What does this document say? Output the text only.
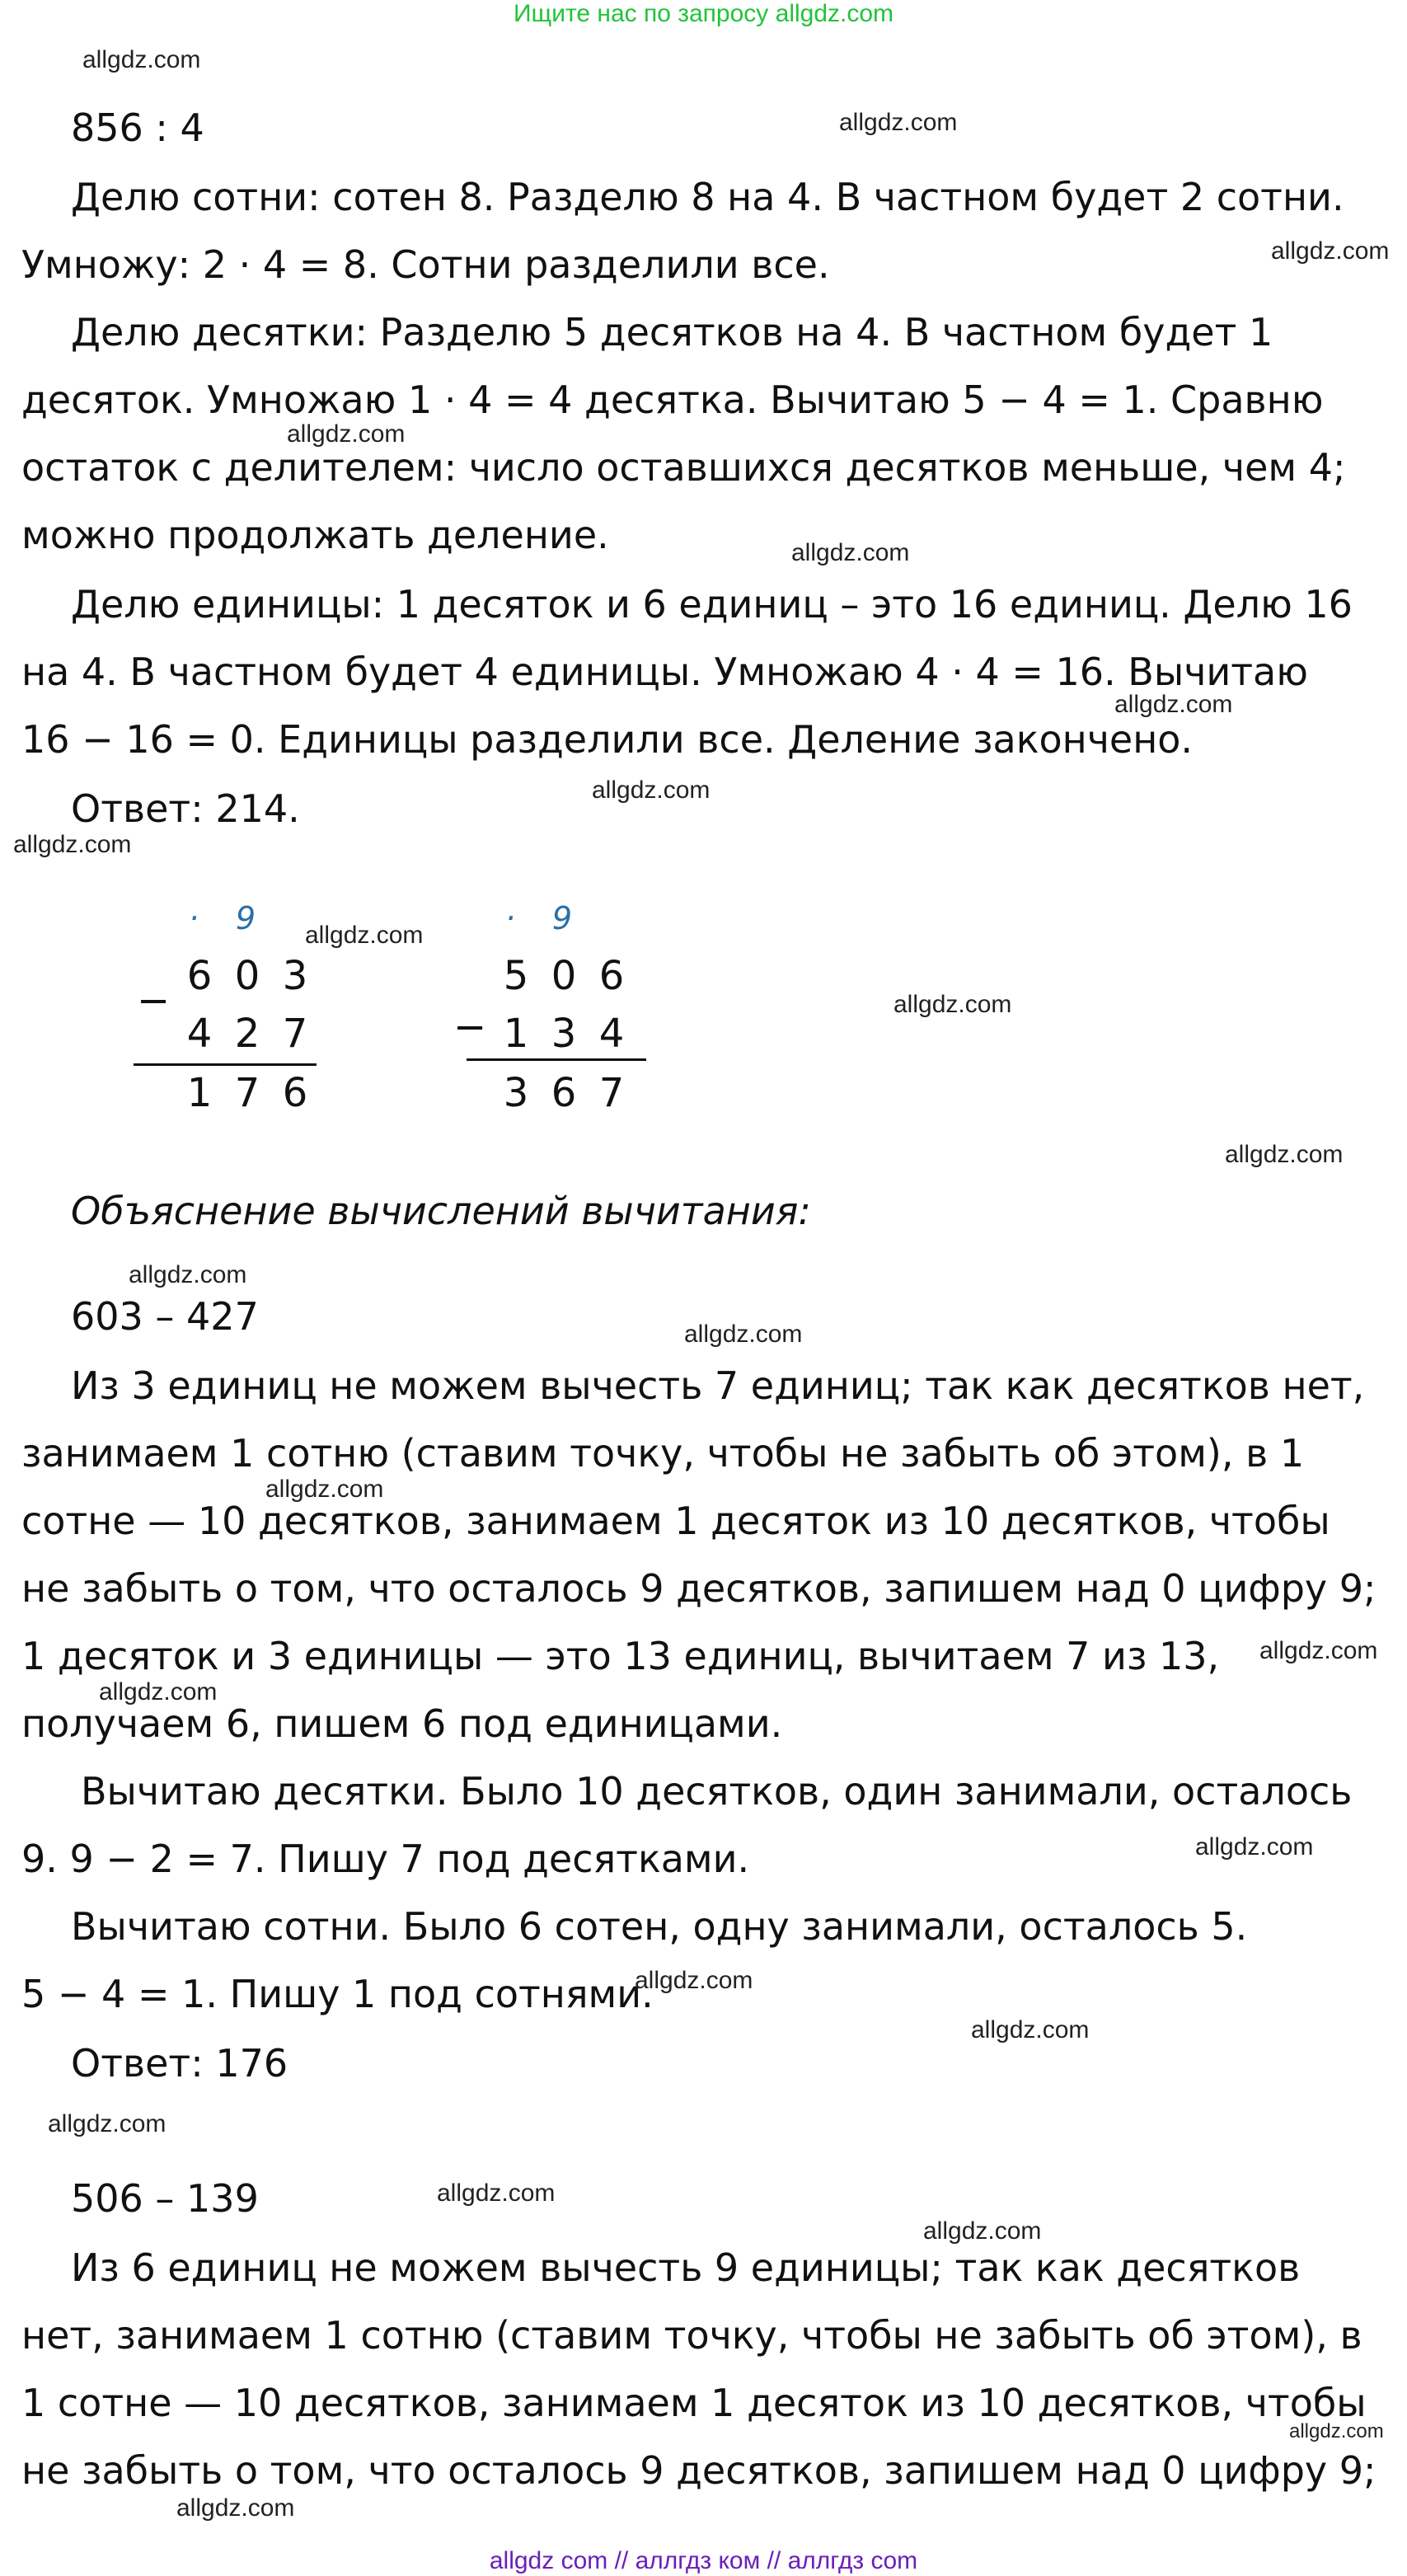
Ищите нас по запросу allgdz.com
856 : 4
Делю сотни: сотен 8. Разделю 8 на 4. В частном будет 2 сотни.
Умножу: 2 · 4 = 8. Сотни разделили все.
Делю десятки: Разделю 5 десятков на 4. В частном будет 1
десяток. Умножаю 1 · 4 = 4 десятка. Вычитаю 5 − 4 = 1. Сравню
остаток с делителем: число оставшихся десятков меньше, чем 4;
можно продолжать деление.
Делю единицы: 1 десяток и 6 единиц – это 16 единиц. Делю 16
на 4. В частном будет 4 единицы. Умножаю 4 · 4 = 16. Вычитаю
16 − 16 = 0. Единицы разделили все. Деление закончено.
Ответ: 214.
·	9
−
6 0 3
4 2 7
1 7 6
·	9
−
5 0 6
1 3 4
3 6 7
Объяснение вычислений вычитания:
603 – 427
Из 3 единиц не можем вычесть 7 единиц; так как десятков нет,
занимаем 1 сотню (ставим точку, чтобы не забыть об этом), в 1
сотне — 10 десятков, занимаем 1 десяток из 10 десятков, чтобы
не забыть о том, что осталось 9 десятков, запишем над 0 цифру 9;
1 десяток и 3 единицы — это 13 единиц, вычитаем 7 из 13,
получаем 6, пишем 6 под единицами.
Вычитаю десятки. Было 10 десятков, один занимали, осталось
9. 9 − 2 = 7. Пишу 7 под десятками.
Вычитаю сотни. Было 6 сотен, одну занимали, осталось 5.
5 − 4 = 1. Пишу 1 под сотнями.
Ответ: 176
506 – 139
Из 6 единиц не можем вычесть 9 единицы; так как десятков
нет, занимаем 1 сотню (ставим точку, чтобы не забыть об этом), в
1 сотне — 10 десятков, занимаем 1 десяток из 10 десятков, чтобы
не забыть о том, что осталось 9 десятков, запишем над 0 цифру 9;
allgdz.com
allgdz.com
allgdz.com
allgdz.com
allgdz.com
allgdz.com
allgdz.com
allgdz.com
allgdz.com
allgdz.com
allgdz.com
allgdz.com
allgdz.com
allgdz.com
allgdz.com
allgdz.com
allgdz.com
allgdz.com
allgdz.com
allgdz.com
allgdz.com
allgdz.com
allgdz.com
allgdz.com
allgdz com // аллгдз ком // аллгдз com
